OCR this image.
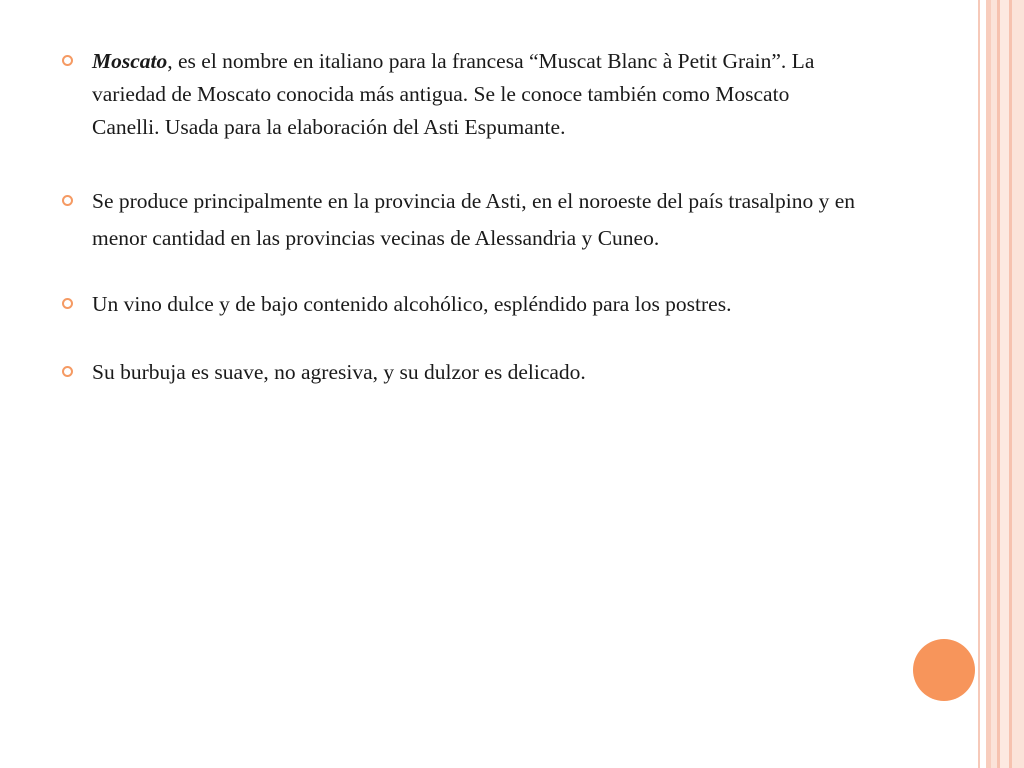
Moscato, es el nombre en italiano para la francesa “Muscat Blanc à Petit Grain”. La variedad de Moscato conocida más antigua. Se le conoce también como Moscato Canelli. Usada para la elaboración del Asti Espumante.
Se produce principalmente en la provincia de Asti, en el noroeste del país trasalpino y en menor cantidad en las provincias vecinas de Alessandria y Cuneo.
Un vino dulce y de bajo contenido alcohólico, espléndido para los postres.
Su burbuja es suave, no agresiva, y su dulzor es delicado.
